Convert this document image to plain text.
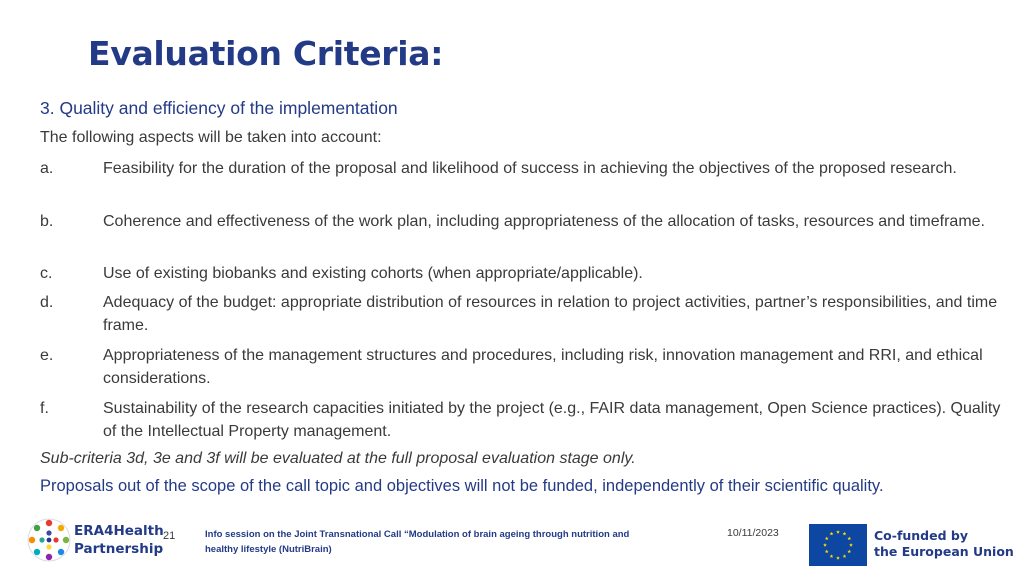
Evaluation Criteria:
3. Quality and efficiency of the implementation
The following aspects will be taken into account:
a.	Feasibility for the duration of the proposal and likelihood of success in achieving the objectives of the proposed research.
b.	Coherence and effectiveness of the work plan, including appropriateness of the allocation of tasks, resources and timeframe.
c.	Use of existing biobanks and existing cohorts (when appropriate/applicable).
d.	Adequacy of the budget: appropriate distribution of resources in relation to project activities, partner’s responsibilities, and time frame.
e.	Appropriateness of the management structures and procedures, including risk, innovation management and RRI, and ethical considerations.
f.	Sustainability of the research capacities initiated by the project (e.g., FAIR data management, Open Science practices). Quality of the Intellectual Property management.
Sub-criteria 3d, 3e and 3f will be evaluated at the full proposal evaluation stage only.
Proposals out of the scope of the call topic and objectives will not be funded, independently of their scientific quality.
ERA4Health
Partnership
21	Info session on the Joint Transnational Call “Modulation of brain ageing through nutrition and healthy lifestyle (NutriBrain)
10/11/2023	Co-funded by
the European Union
